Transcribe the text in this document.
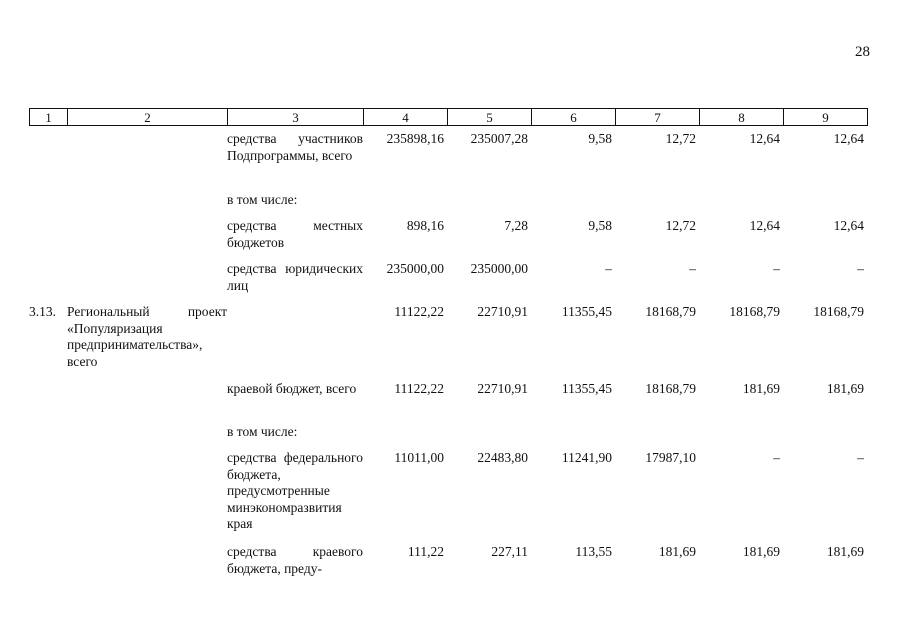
28
1	2	3	4	5	6	7	8	9
		средства участников Подпрограммы, всего	235898,16	235007,28	9,58	12,72	12,64	12,64
		в том числе:						
		средства местных бюджетов	898,16	7,28	9,58	12,72	12,64	12,64
		средства юридических лиц	235000,00	235000,00	–	–	–	–
3.13.	Региональный проект «Популяризация предпринимательства», всего		11122,22	22710,91	11355,45	18168,79	18168,79	18168,79
		краевой бюджет, всего	11122,22	22710,91	11355,45	18168,79	181,69	181,69
		в том числе:						
		средства федерального бюджета, предусмотренные минэкономразвития края	11011,00	22483,80	11241,90	17987,10	–	–
		средства краевого бюджета, преду-	111,22	227,11	113,55	181,69	181,69	181,69
